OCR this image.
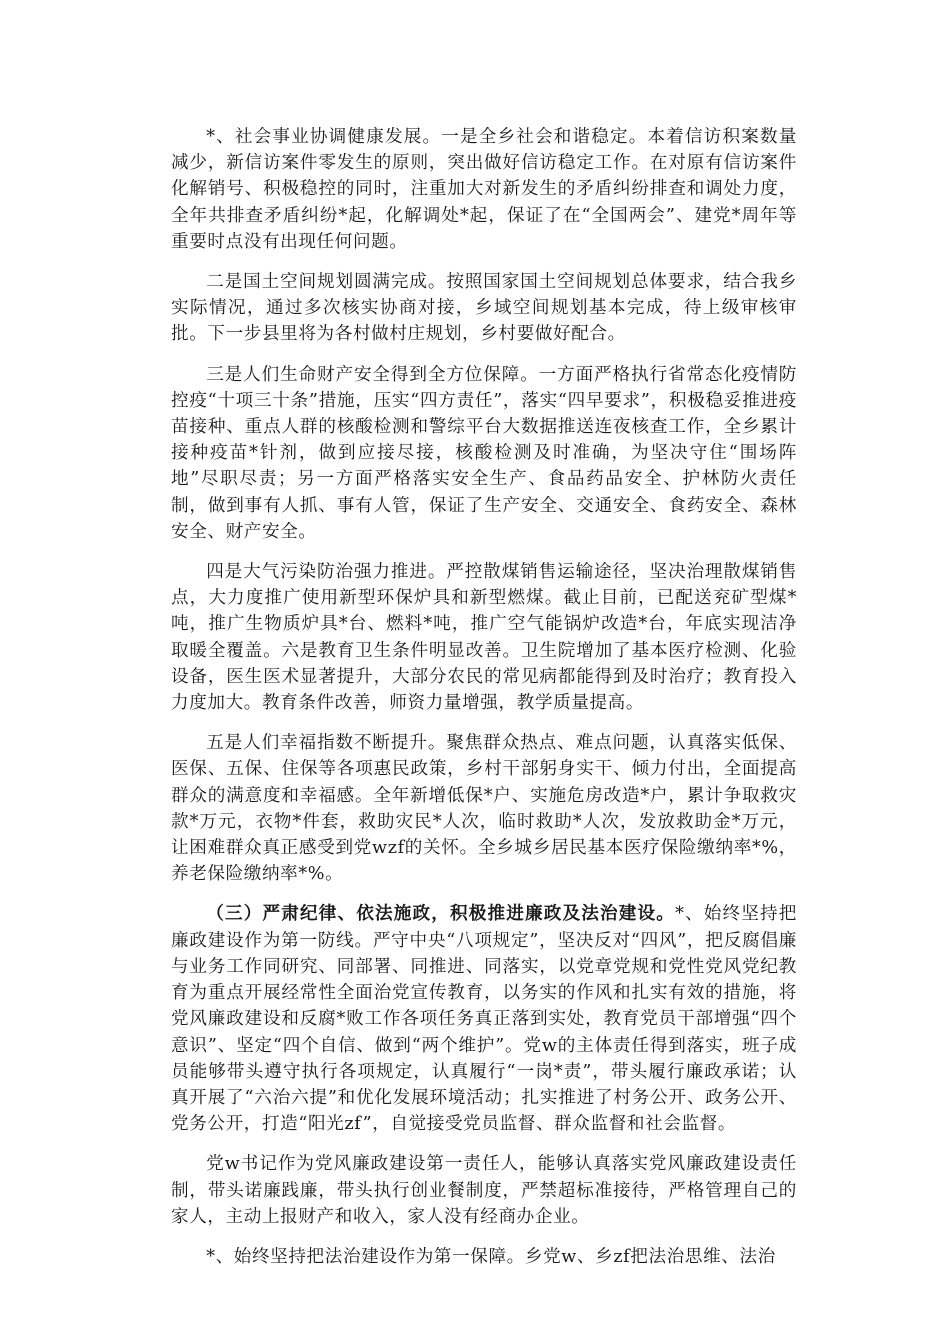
*、社会事业协调健康发展。一是全乡社会和谐稳定。本着信访积案数量减少，新信访案件零发生的原则，突出做好信访稳定工作。在对原有信访案件化解销号、积极稳控的同时，注重加大对新发生的矛盾纠纷排查和调处力度，全年共排查矛盾纠纷*起，化解调处*起，保证了在“全国两会”、建党*周年等重要时点没有出现任何问题。

二是国土空间规划圆满完成。按照国家国土空间规划总体要求，结合我乡实际情况，通过多次核实协商对接，乡域空间规划基本完成，待上级审核审批。下一步县里将为各村做村庄规划，乡村要做好配合。

三是人们生命财产安全得到全方位保障。一方面严格执行省常态化疫情防控疫“十项三十条”措施，压实“四方责任”，落实“四早要求”，积极稳妥推进疫苗接种、重点人群的核酸检测和警综平台大数据推送连夜核查工作，全乡累计接种疫苗*针剂，做到应接尽接，核酸检测及时准确，为坚决守住“围场阵地”尽职尽责；另一方面严格落实安全生产、食品药品安全、护林防火责任制，做到事有人抓、事有人管，保证了生产安全、交通安全、食药安全、森林安全、财产安全。

四是大气污染防治强力推进。严控散煤销售运输途径，坚决治理散煤销售点，大力度推广使用新型环保炉具和新型燃煤。截止目前，已配送兖矿型煤*吨，推广生物质炉具*台、燃料*吨，推广空气能锅炉改造*台，年底实现洁净取暖全覆盖。六是教育卫生条件明显改善。卫生院增加了基本医疗检测、化验设备，医生医术显著提升，大部分农民的常见病都能得到及时治疗；教育投入力度加大。教育条件改善，师资力量增强，教学质量提高。

五是人们幸福指数不断提升。聚焦群众热点、难点问题，认真落实低保、医保、五保、住保等各项惠民政策，乡村干部躬身实干、倾力付出，全面提高群众的满意度和幸福感。全年新增低保*户、实施危房改造*户，累计争取救灾款*万元，衣物*件套，救助灾民*人次，临时救助*人次，发放救助金*万元，让困难群众真正感受到党wzf的关怀。全乡城乡居民基本医疗保险缴纳率*%，养老保险缴纳率*%。

（三）严肃纪律、依法施政，积极推进廉政及法治建设。*、始终坚持把廉政建设作为第一防线。严守中央“八项规定”，坚决反对“四风”，把反腐倡廉与业务工作同研究、同部署、同推进、同落实，以党章党规和党性党风党纪教育为重点开展经常性全面治党宣传教育，以务实的作风和扎实有效的措施，将党风廉政建设和反腐*败工作各项任务真正落到实处，教育党员干部增强“四个意识”、坚定“四个自信、做到“两个维护”。党w的主体责任得到落实，班子成员能够带头遵守执行各项规定，认真履行“一岗*责”，带头履行廉政承诺；认真开展了“六治六提”和优化发展环境活动；扎实推进了村务公开、政务公开、党务公开，打造“阳光zf”，自觉接受党员监督、群众监督和社会监督。

党w书记作为党风廉政建设第一责任人，能够认真落实党风廉政建设责任制，带头诺廉践廉，带头执行创业餐制度，严禁超标准接待，严格管理自己的家人，主动上报财产和收入，家人没有经商办企业。

*、始终坚持把法治建设作为第一保障。乡党w、乡zf把法治思维、法治
